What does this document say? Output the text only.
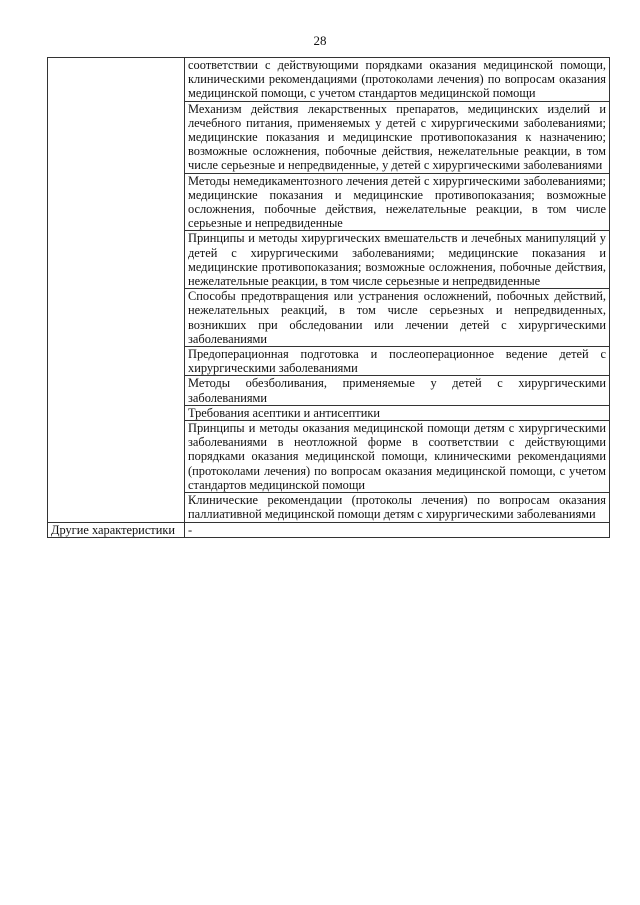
28
	соответствии с действующими порядками оказания медицинской помощи, клиническими рекомендациями (протоколами лечения) по вопросам оказания медицинской помощи, с учетом стандартов медицинской помощи
	Механизм действия лекарственных препаратов, медицинских изделий и лечебного питания, применяемых у детей с хирургическими заболеваниями; медицинские показания и медицинские противопоказания к назначению; возможные осложнения, побочные действия, нежелательные реакции, в том числе серьезные и непредвиденные, у детей с хирургическими заболеваниями
	Методы немедикаментозного лечения детей с хирургическими заболеваниями; медицинские показания и медицинские противопоказания; возможные осложнения, побочные действия, нежелательные реакции, в том числе серьезные и непредвиденные
	Принципы и методы хирургических вмешательств и лечебных манипуляций у детей с хирургическими заболеваниями; медицинские показания и медицинские противопоказания; возможные осложнения, побочные действия, нежелательные реакции, в том числе серьезные и непредвиденные
	Способы предотвращения или устранения осложнений, побочных действий, нежелательных реакций, в том числе серьезных и непредвиденных, возникших при обследовании или лечении детей с хирургическими заболеваниями
	Предоперационная подготовка и послеоперационное ведение детей с хирургическими заболеваниями
	Методы обезболивания, применяемые у детей с хирургическими заболеваниями
	Требования асептики и антисептики
	Принципы и методы оказания медицинской помощи детям с хирургическими заболеваниями в неотложной форме в соответствии с действующими порядками оказания медицинской помощи, клиническими рекомендациями (протоколами лечения) по вопросам оказания медицинской помощи, с учетом стандартов медицинской помощи
	Клинические рекомендации (протоколы лечения) по вопросам оказания паллиативной медицинской помощи детям с хирургическими заболеваниями
Другие характеристики	-
